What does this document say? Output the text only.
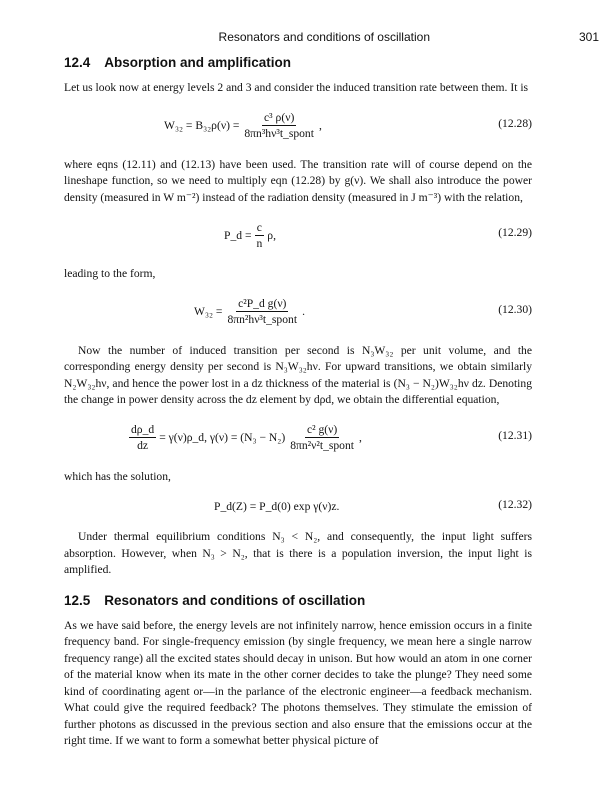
Resonators and conditions of oscillation	301
12.4 Absorption and amplification

Let us look now at energy levels 2 and 3 and consider the induced transition rate between them. It is

$W_{32} = B_{32}\rho(\nu) = \frac{\text{c³ ρ(ν)}}{\text{8πn³hν³t\_spont}}$ ,	(12.28)

where eqns (12.11) and (12.13) have been used. The transition rate will of course depend on the lineshape function, so we need to multiply eqn (12.28) by g(ν). We shall also introduce the power density (measured in W m⁻²) instead of the radiation density (measured in J m⁻³) with the relation,

P_d = $\frac{c}{n} \rho$,	(12.29)

leading to the form,

$W_{32} = \frac{\text{c²P\_d g(ν)}}{\text{8πn²hν³t\_spont}}$ .	(12.30)

Now the number of induced transition per second is N₃W₃₂ per unit volume, and the corresponding energy density per second is N₃W₃₂hν. For upward transitions, we obtain similarly N₂W₃₂hν, and hence the power lost in a dz thickness of the material is (N₃ − N₂)W₃₂hν dz. Denoting the change in power density across the dz element by dρd, we obtain the differential equation,

$\frac{d\rho\_d}{dz}$ = γ(ν)ρ_d, $\gamma(\nu) = (N_3 - N_2) \frac{\text{c² g(ν)}}{\text{8πn²ν²t\_spont}}$ ,	(12.31)

which has the solution,

P_d(Z) = P_d(0) exp γ(ν)z.	(12.32)

Under thermal equilibrium conditions N₃ < N₂, and consequently, the input light suffers absorption. However, when N₃ > N₂, that is there is a population inversion, the input light is amplified.

12.5 Resonators and conditions of oscillation

As we have said before, the energy levels are not infinitely narrow, hence emission occurs in a finite frequency band. For single-frequency emission (by single frequency, we mean here a single narrow frequency range) all the excited states should decay in unison. But how would an atom in one corner of the material know when its mate in the other corner decides to take the plunge? They need some kind of coordinating agent or—in the parlance of the electronic engineer—a feedback mechanism. What could give the required feedback? The photons themselves. They stimulate the emission of further photons as discussed in the previous section and also ensure that the emissions occur at the right time. If we want to form a somewhat better physical picture of
